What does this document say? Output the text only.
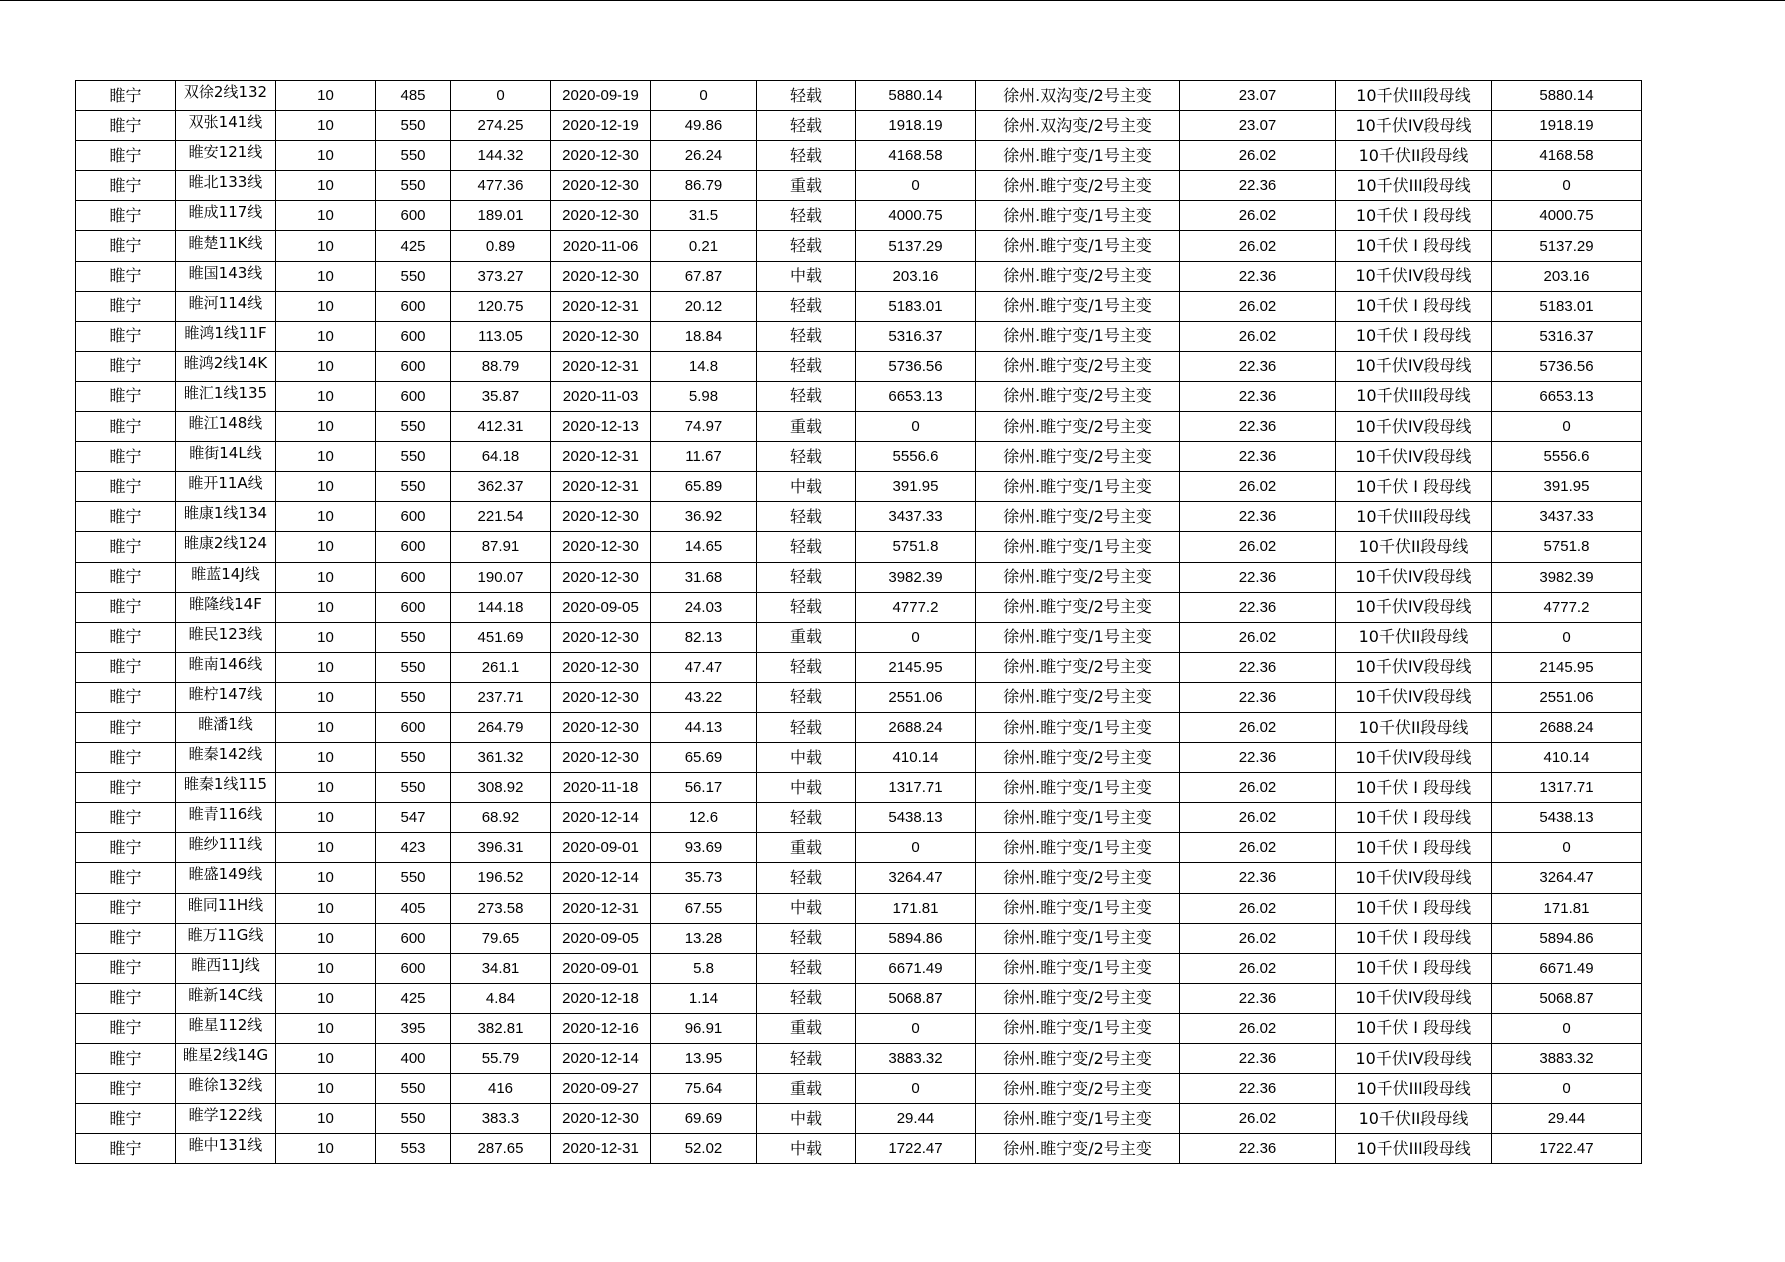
睢宁	双徐2线132	10	485	0	2020-09-19	0	轻载	5880.14	徐州.双沟变/2号主变	23.07	10千伏III段母线	5880.14
睢宁	双张141线	10	550	274.25	2020-12-19	49.86	轻载	1918.19	徐州.双沟变/2号主变	23.07	10千伏IV段母线	1918.19
睢宁	睢安121线	10	550	144.32	2020-12-30	26.24	轻载	4168.58	徐州.睢宁变/1号主变	26.02	10千伏II段母线	4168.58
睢宁	睢北133线	10	550	477.36	2020-12-30	86.79	重载	0	徐州.睢宁变/2号主变	22.36	10千伏III段母线	0
睢宁	睢成117线	10	600	189.01	2020-12-30	31.5	轻载	4000.75	徐州.睢宁变/1号主变	26.02	10千伏 I 段母线	4000.75
睢宁	睢楚11K线	10	425	0.89	2020-11-06	0.21	轻载	5137.29	徐州.睢宁变/1号主变	26.02	10千伏 I 段母线	5137.29
睢宁	睢国143线	10	550	373.27	2020-12-30	67.87	中载	203.16	徐州.睢宁变/2号主变	22.36	10千伏IV段母线	203.16
睢宁	睢河114线	10	600	120.75	2020-12-31	20.12	轻载	5183.01	徐州.睢宁变/1号主变	26.02	10千伏 I 段母线	5183.01
睢宁	睢鸿1线11F	10	600	113.05	2020-12-30	18.84	轻载	5316.37	徐州.睢宁变/1号主变	26.02	10千伏 I 段母线	5316.37
睢宁	睢鸿2线14K	10	600	88.79	2020-12-31	14.8	轻载	5736.56	徐州.睢宁变/2号主变	22.36	10千伏IV段母线	5736.56
睢宁	睢汇1线135	10	600	35.87	2020-11-03	5.98	轻载	6653.13	徐州.睢宁变/2号主变	22.36	10千伏III段母线	6653.13
睢宁	睢江148线	10	550	412.31	2020-12-13	74.97	重载	0	徐州.睢宁变/2号主变	22.36	10千伏IV段母线	0
睢宁	睢街14L线	10	550	64.18	2020-12-31	11.67	轻载	5556.6	徐州.睢宁变/2号主变	22.36	10千伏IV段母线	5556.6
睢宁	睢开11A线	10	550	362.37	2020-12-31	65.89	中载	391.95	徐州.睢宁变/1号主变	26.02	10千伏 I 段母线	391.95
睢宁	睢康1线134	10	600	221.54	2020-12-30	36.92	轻载	3437.33	徐州.睢宁变/2号主变	22.36	10千伏III段母线	3437.33
睢宁	睢康2线124	10	600	87.91	2020-12-30	14.65	轻载	5751.8	徐州.睢宁变/1号主变	26.02	10千伏II段母线	5751.8
睢宁	睢蓝14J线	10	600	190.07	2020-12-30	31.68	轻载	3982.39	徐州.睢宁变/2号主变	22.36	10千伏IV段母线	3982.39
睢宁	睢隆线14F	10	600	144.18	2020-09-05	24.03	轻载	4777.2	徐州.睢宁变/2号主变	22.36	10千伏IV段母线	4777.2
睢宁	睢民123线	10	550	451.69	2020-12-30	82.13	重载	0	徐州.睢宁变/1号主变	26.02	10千伏II段母线	0
睢宁	睢南146线	10	550	261.1	2020-12-30	47.47	轻载	2145.95	徐州.睢宁变/2号主变	22.36	10千伏IV段母线	2145.95
睢宁	睢柠147线	10	550	237.71	2020-12-30	43.22	轻载	2551.06	徐州.睢宁变/2号主变	22.36	10千伏IV段母线	2551.06
睢宁	睢潘1线	10	600	264.79	2020-12-30	44.13	轻载	2688.24	徐州.睢宁变/1号主变	26.02	10千伏II段母线	2688.24
睢宁	睢秦142线	10	550	361.32	2020-12-30	65.69	中载	410.14	徐州.睢宁变/2号主变	22.36	10千伏IV段母线	410.14
睢宁	睢秦1线115	10	550	308.92	2020-11-18	56.17	中载	1317.71	徐州.睢宁变/1号主变	26.02	10千伏 I 段母线	1317.71
睢宁	睢青116线	10	547	68.92	2020-12-14	12.6	轻载	5438.13	徐州.睢宁变/1号主变	26.02	10千伏 I 段母线	5438.13
睢宁	睢纱111线	10	423	396.31	2020-09-01	93.69	重载	0	徐州.睢宁变/1号主变	26.02	10千伏 I 段母线	0
睢宁	睢盛149线	10	550	196.52	2020-12-14	35.73	轻载	3264.47	徐州.睢宁变/2号主变	22.36	10千伏IV段母线	3264.47
睢宁	睢同11H线	10	405	273.58	2020-12-31	67.55	中载	171.81	徐州.睢宁变/1号主变	26.02	10千伏 I 段母线	171.81
睢宁	睢万11G线	10	600	79.65	2020-09-05	13.28	轻载	5894.86	徐州.睢宁变/1号主变	26.02	10千伏 I 段母线	5894.86
睢宁	睢西11J线	10	600	34.81	2020-09-01	5.8	轻载	6671.49	徐州.睢宁变/1号主变	26.02	10千伏 I 段母线	6671.49
睢宁	睢新14C线	10	425	4.84	2020-12-18	1.14	轻载	5068.87	徐州.睢宁变/2号主变	22.36	10千伏IV段母线	5068.87
睢宁	睢星112线	10	395	382.81	2020-12-16	96.91	重载	0	徐州.睢宁变/1号主变	26.02	10千伏 I 段母线	0
睢宁	睢星2线14G	10	400	55.79	2020-12-14	13.95	轻载	3883.32	徐州.睢宁变/2号主变	22.36	10千伏IV段母线	3883.32
睢宁	睢徐132线	10	550	416	2020-09-27	75.64	重载	0	徐州.睢宁变/2号主变	22.36	10千伏III段母线	0
睢宁	睢学122线	10	550	383.3	2020-12-30	69.69	中载	29.44	徐州.睢宁变/1号主变	26.02	10千伏II段母线	29.44
睢宁	睢中131线	10	553	287.65	2020-12-31	52.02	中载	1722.47	徐州.睢宁变/2号主变	22.36	10千伏III段母线	1722.47
